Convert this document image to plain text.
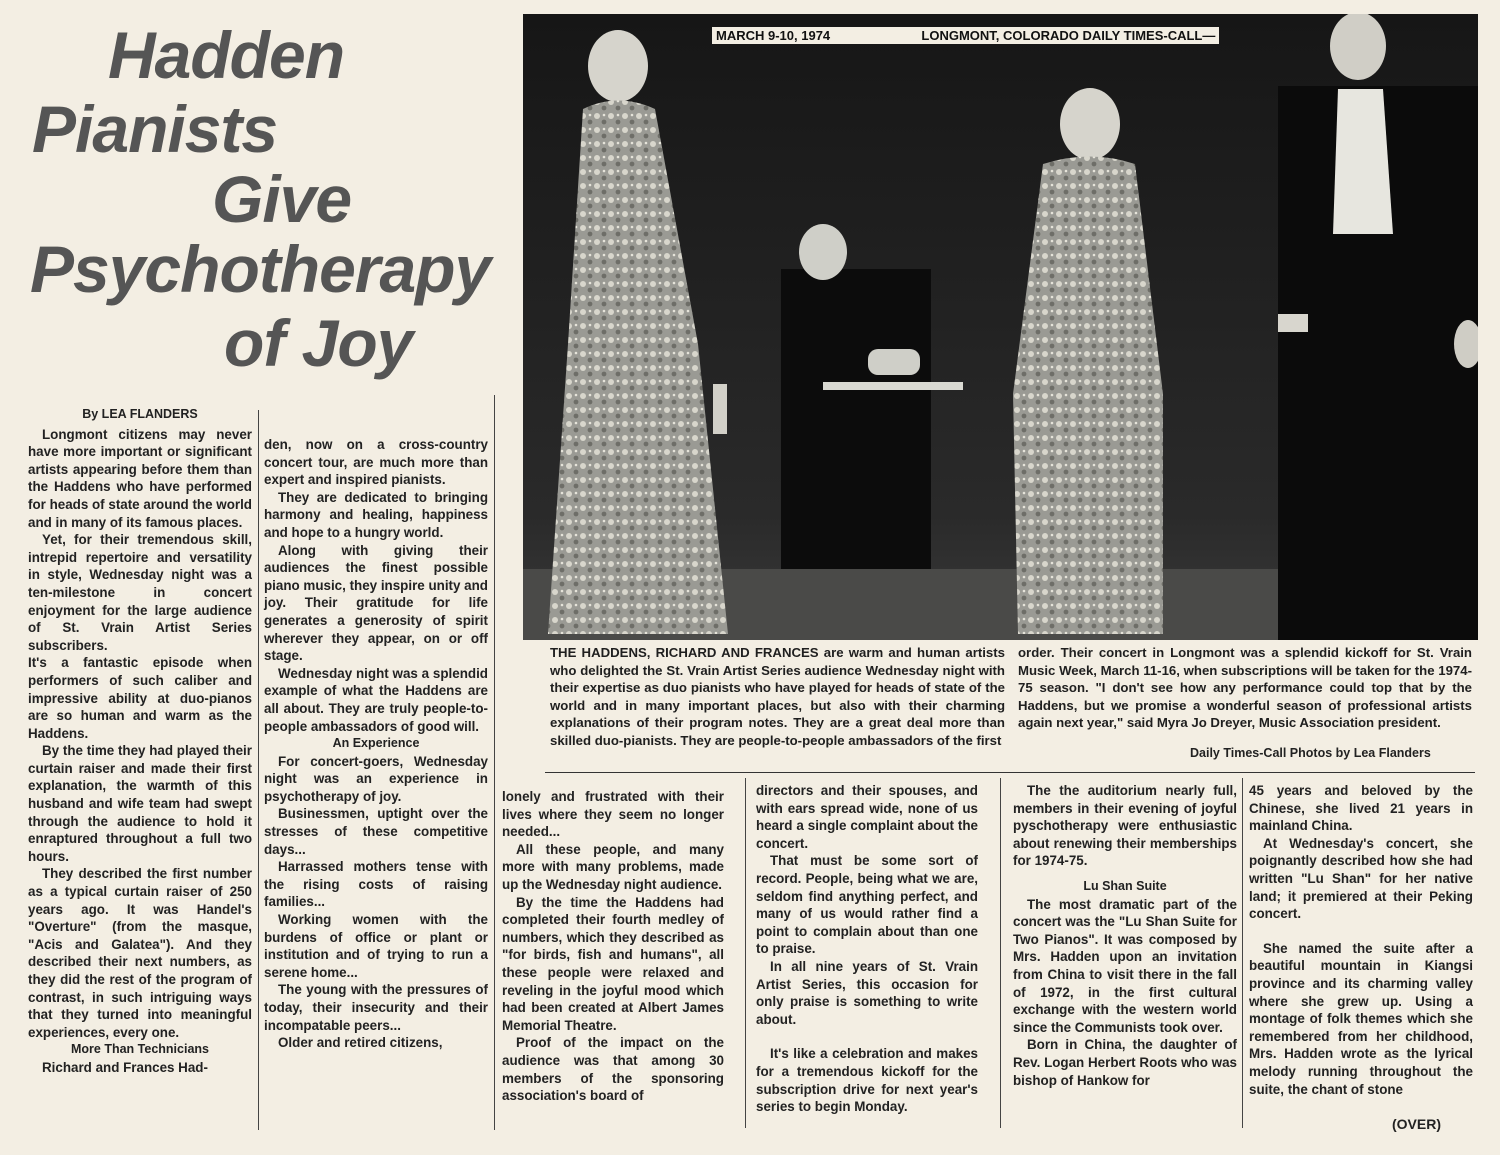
Hadden
Pianists
Give
Psychotherapy
of Joy
MARCH 9-10, 1974	LONGMONT, COLORADO DAILY TIMES-CALL—
THE HADDENS, RICHARD AND FRANCES are warm and human artists who delighted the St. Vrain Artist Series audience Wednesday night with their expertise as duo pianists who have played for heads of state of the world and in many important places, but also with their charming explanations of their program notes. They are a great deal more than skilled duo-pianists. They are people-to-people ambassadors of the first
order. Their concert in Longmont was a splendid kickoff for St. Vrain Music Week, March 11-16, when subscriptions will be taken for the 1974-75 season. "I don't see how any performance could top that by the Haddens, but we promise a wonderful season of professional artists again next year," said Myra Jo Dreyer, Music Association president.
Daily Times-Call Photos by Lea Flanders
By LEA FLANDERS

Longmont citizens may never have more important or significant artists appearing before them than the Haddens who have performed for heads of state around the world and in many of its famous places.

Yet, for their tremendous skill, intrepid repertoire and versatility in style, Wednesday night was a ten-milestone in concert enjoyment for the large audience of St. Vrain Artist Series subscribers.

It's a fantastic episode when performers of such caliber and impressive ability at duo-pianos are so human and warm as the Haddens.

By the time they had played their curtain raiser and made their first explanation, the warmth of this husband and wife team had swept through the audience to hold it enraptured throughout a full two hours.

They described the first number as a typical curtain raiser of 250 years ago. It was Handel's "Overture" (from the masque, "Acis and Galatea"). And they described their next numbers, as they did the rest of the program of contrast, in such intriguing ways that they turned into meaningful experiences, every one.

More Than Technicians

Richard and Frances Had-

den, now on a cross-country concert tour, are much more than expert and inspired pianists.

They are dedicated to bringing harmony and healing, happiness and hope to a hungry world.

Along with giving their audiences the finest possible piano music, they inspire unity and joy. Their gratitude for life generates a generosity of spirit wherever they appear, on or off stage.

Wednesday night was a splendid example of what the Haddens are all about. They are truly people-to-people ambassadors of good will.

An Experience

For concert-goers, Wednesday night was an experience in psychotherapy of joy.

Businessmen, uptight over the stresses of these competitive days...

Harrassed mothers tense with the rising costs of raising families...

Working women with the burdens of office or plant or institution and of trying to run a serene home...

The young with the pressures of today, their insecurity and their incompatable peers...

Older and retired citizens,

lonely and frustrated with their lives where they seem no longer needed...

All these people, and many more with many problems, made up the Wednesday night audience.

By the time the Haddens had completed their fourth medley of numbers, which they described as "for birds, fish and humans", all these people were relaxed and reveling in the joyful mood which had been created at Albert James Memorial Theatre.

Proof of the impact on the audience was that among 30 members of the sponsoring association's board of

directors and their spouses, and with ears spread wide, none of us heard a single complaint about the concert.

That must be some sort of record. People, being what we are, seldom find anything perfect, and many of us would rather find a point to complain about than one to praise.

In all nine years of St. Vrain Artist Series, this occasion for only praise is something to write about.

It's like a celebration and makes for a tremendous kickoff for the subscription drive for next year's series to begin Monday.

The the auditorium nearly full, members in their evening of joyful pyschotherapy were enthusiastic about renewing their memberships for 1974-75.

Lu Shan Suite

The most dramatic part of the concert was the "Lu Shan Suite for Two Pianos". It was composed by Mrs. Hadden upon an invitation from China to visit there in the fall of 1972, in the first cultural exchange with the western world since the Communists took over.

Born in China, the daughter of Rev. Logan Herbert Roots who was bishop of Hankow for

45 years and beloved by the Chinese, she lived 21 years in mainland China.

At Wednesday's concert, she poignantly described how she had written "Lu Shan" for her native land; it premiered at their Peking concert.

She named the suite after a beautiful mountain in Kiangsi province and its charming valley where she grew up. Using a montage of folk themes which she remembered from her childhood, Mrs. Hadden wrote as the lyrical melody running throughout the suite, the chant of stone

(OVER)
